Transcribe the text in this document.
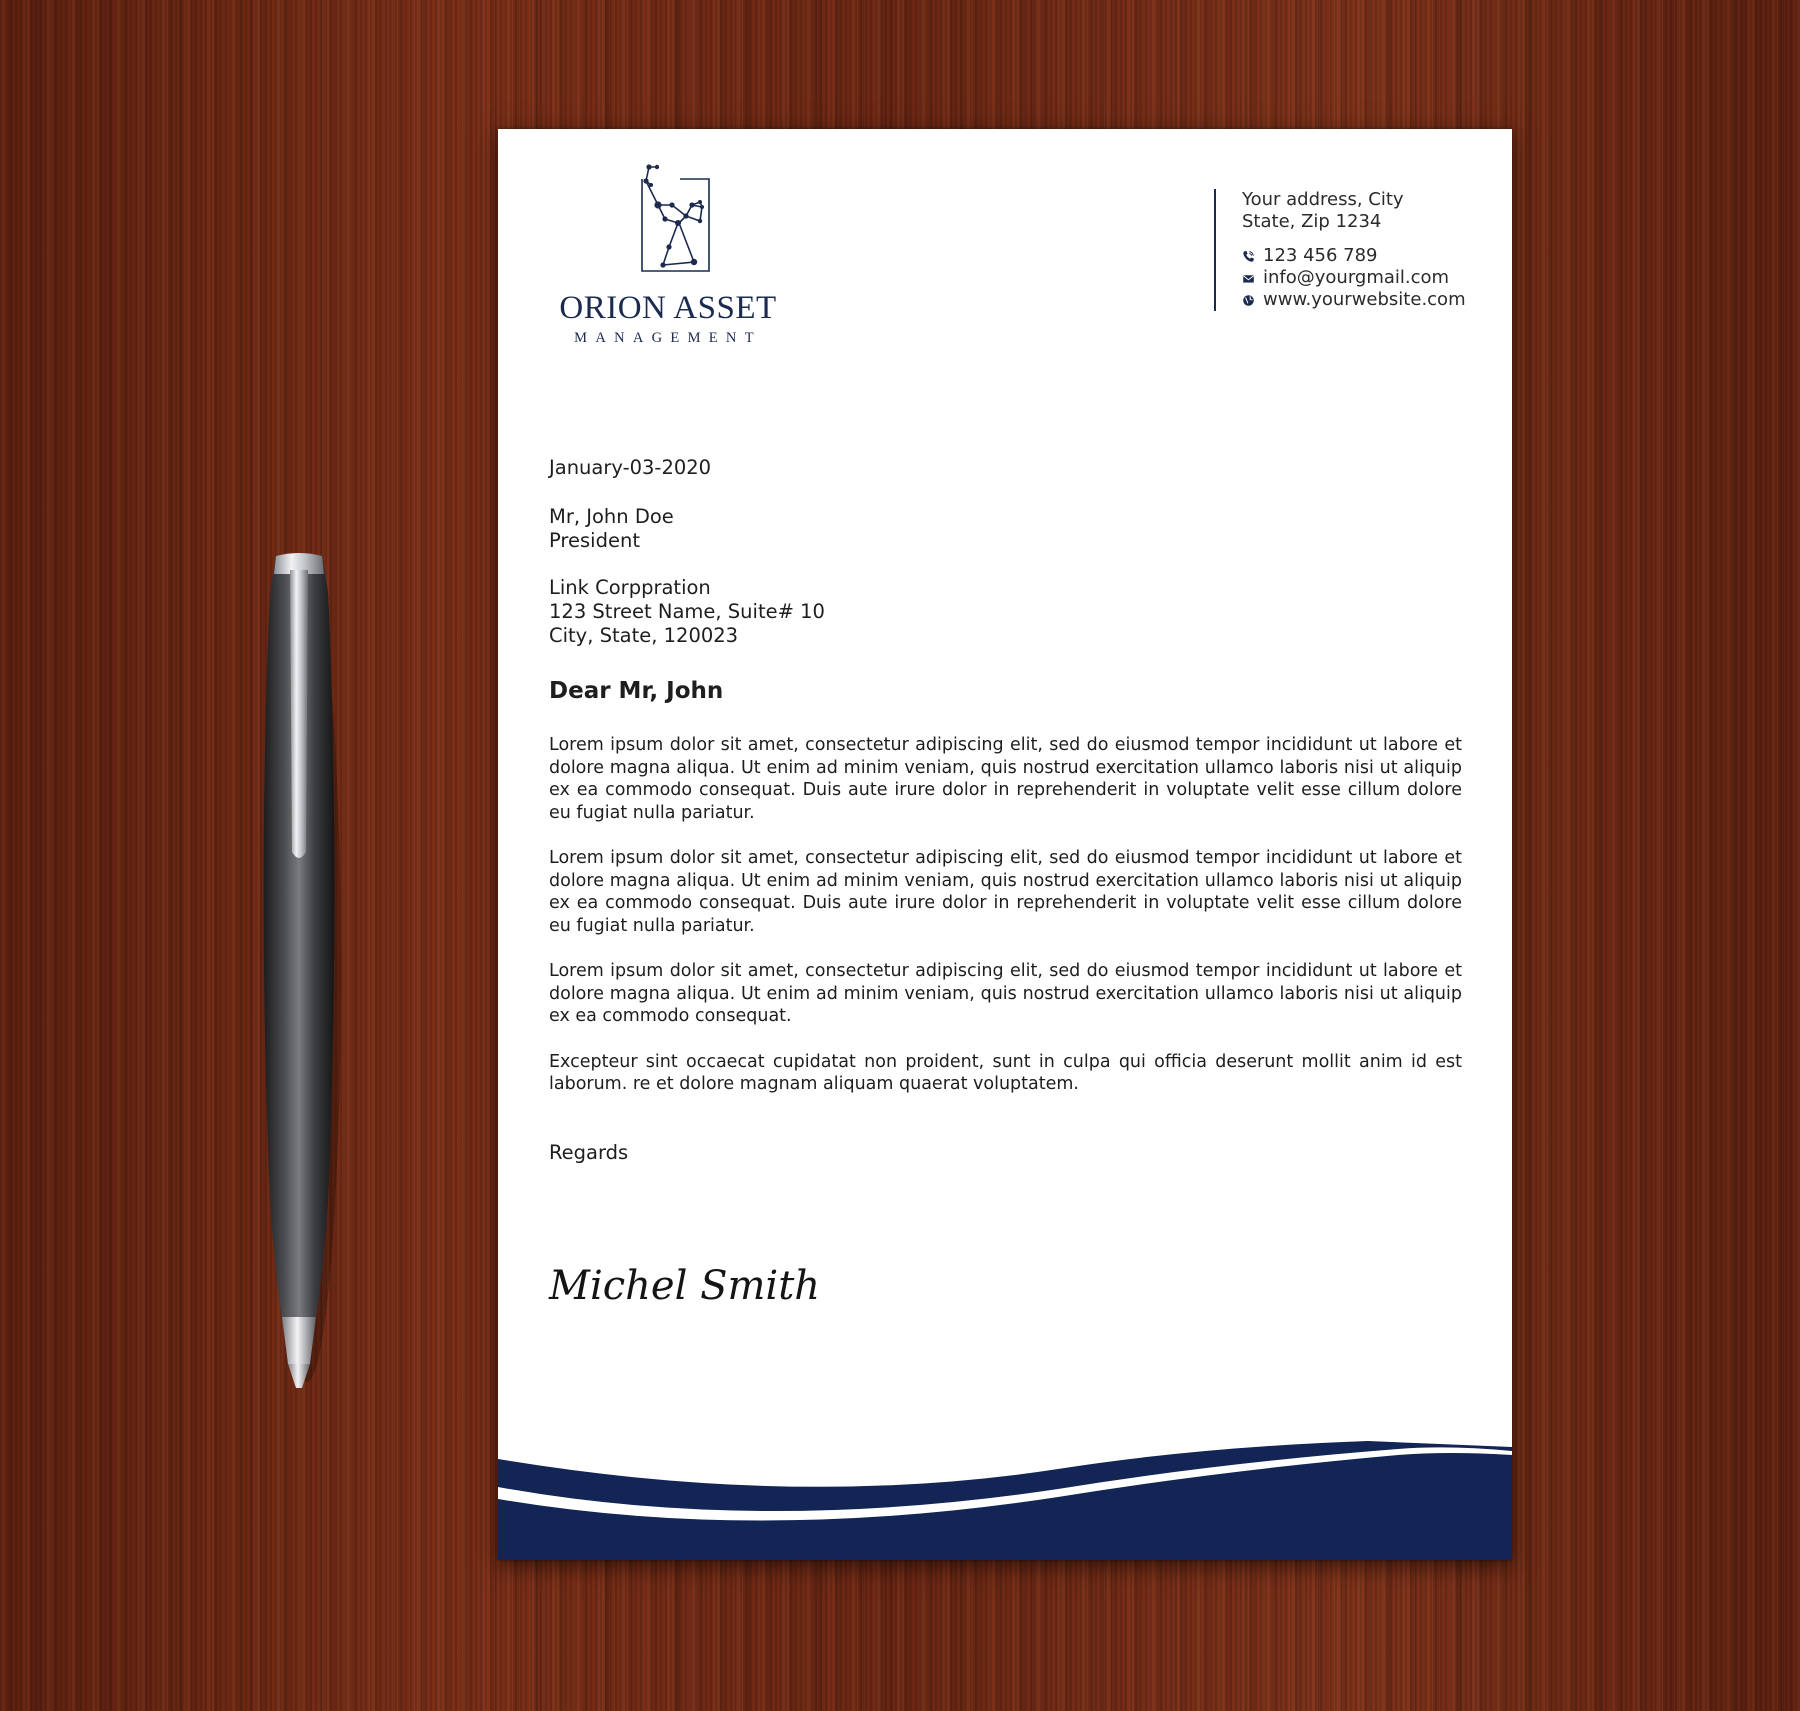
ORION ASSET
MANAGEMENT
Your address, City
State, Zip 1234
123 456 789
info@yourgmail.com
www.yourwebsite.com
January-03-2020
Mr, John Doe
President
Link Corppration
123 Street Name, Suite# 10
City, State, 120023
Dear Mr, John

Lorem ipsum dolor sit amet, consectetur adipiscing elit, sed do eiusmod tempor incididunt ut labore et dolore magna aliqua. Ut enim ad minim veniam, quis nostrud exercitation ullamco laboris nisi ut aliquip ex ea commodo consequat. Duis aute irure dolor in reprehenderit in voluptate velit esse cillum dolore eu fugiat nulla pariatur.

Lorem ipsum dolor sit amet, consectetur adipiscing elit, sed do eiusmod tempor incididunt ut labore et dolore magna aliqua. Ut enim ad minim veniam, quis nostrud exercitation ullamco laboris nisi ut aliquip ex ea commodo consequat. Duis aute irure dolor in reprehenderit in voluptate velit esse cillum dolore eu fugiat nulla pariatur.

Lorem ipsum dolor sit amet, consectetur adipiscing elit, sed do eiusmod tempor incididunt ut labore et dolore magna aliqua. Ut enim ad minim veniam, quis nostrud exercitation ullamco laboris nisi ut aliquip ex ea commodo consequat.

Excepteur sint occaecat cupidatat non proident, sunt in culpa qui officia deserunt mollit anim id est laborum. re et dolore magnam aliquam quaerat voluptatem.

Regards
Michel Smith
